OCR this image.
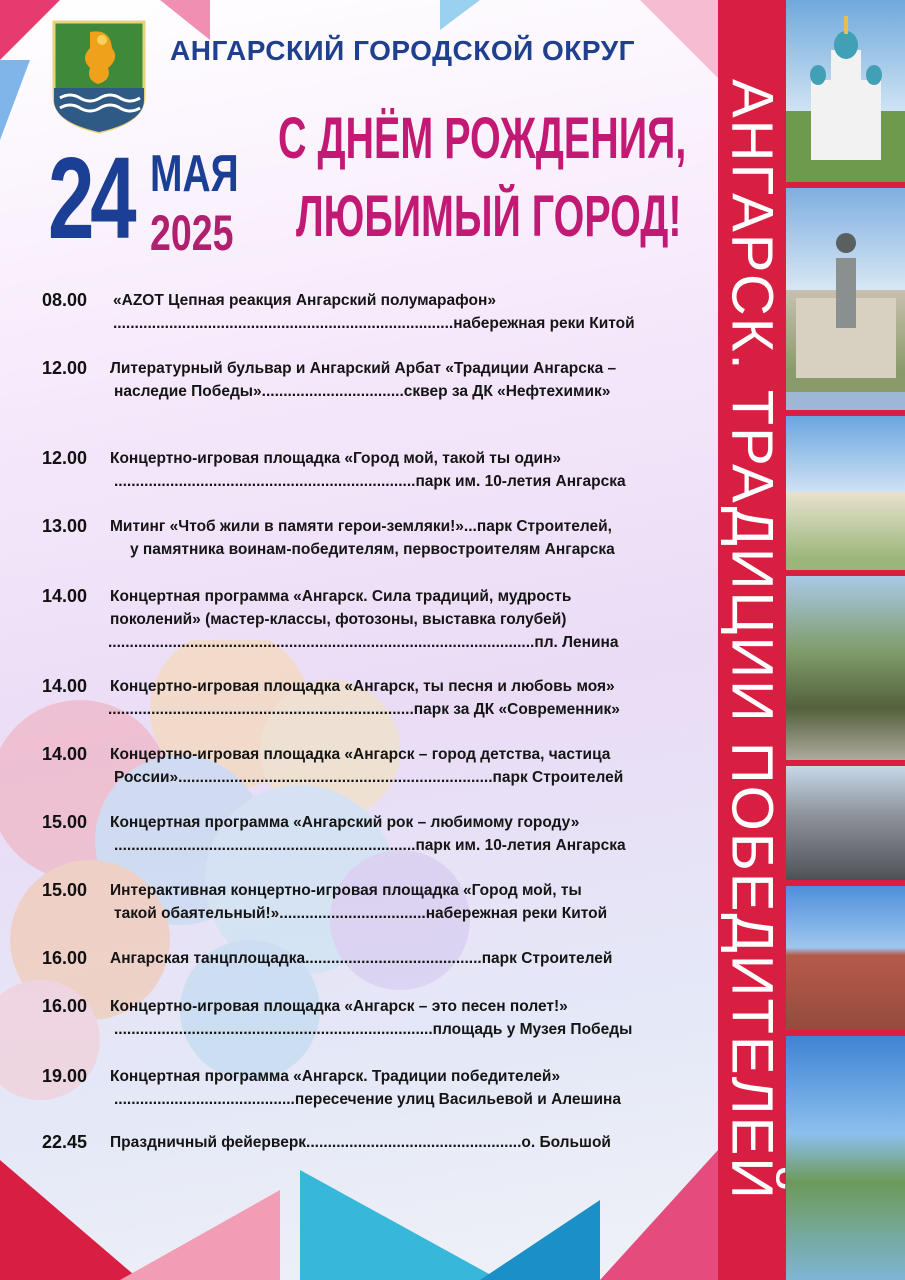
АНГАРСКИЙ ГОРОДСКОЙ ОКРУГ
24 МАЯ
2025
С ДНЁМ РОЖДЕНИЯ,
ЛЮБИМЫЙ ГОРОД!
08.00 «AZOT Цепная реакция Ангарский полумарафон»
...............................................................................набережная реки Китой
12.00 Литературный бульвар и Ангарский Арбат «Традиции Ангарска –
наследие Победы».................................сквер за ДК «Нефтехимик»
12.00 Концертно-игровая площадка «Город мой, такой ты один»
......................................................................парк им. 10-летия Ангарска
13.00 Митинг «Чтоб жили в памяти герои-земляки!»...парк Строителей,
у памятника воинам-победителям, первостроителям Ангарска
14.00 Концертная программа «Ангарск. Сила традиций, мудрость
поколений» (мастер-классы, фотозоны, выставка голубей)
...................................................................................................пл. Ленина
14.00 Концертно-игровая площадка «Ангарск, ты песня и любовь моя»
.......................................................................парк за ДК «Современник»
14.00 Концертно-игровая площадка «Ангарск – город детства, частица
России».........................................................................парк Строителей
15.00 Концертная программа «Ангарский рок – любимому городу»
......................................................................парк им. 10-летия Ангарска
15.00 Интерактивная концертно-игровая площадка «Город мой, ты
такой обаятельный!»..................................набережная реки Китой
16.00 Ангарская танцплощадка.........................................парк Строителей
16.00 Концертно-игровая площадка «Ангарск – это песен полет!»
..........................................................................площадь у Музея Победы
19.00 Концертная программа «Ангарск. Традиции победителей»
..........................................пересечение улиц Васильевой и Алешина
22.45 Праздничный фейерверк..................................................о. Большой АНГАРСК. ТРАДИЦИИ ПОБЕДИТЕЛЕЙ
